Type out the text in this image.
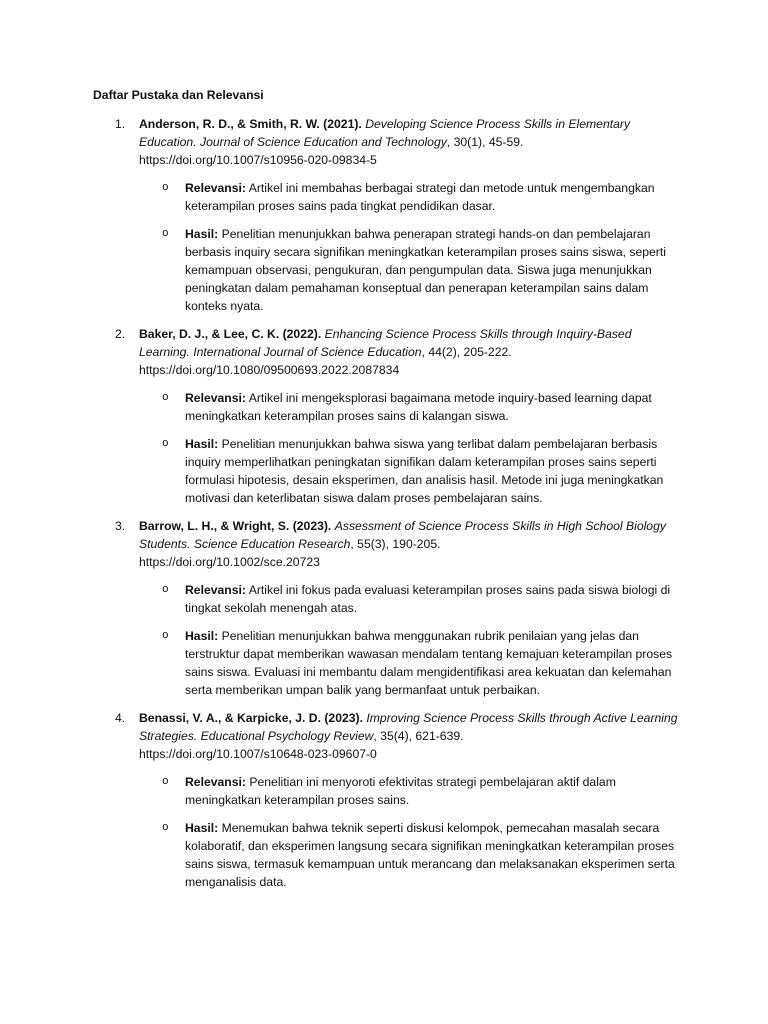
Daftar Pustaka dan Relevansi
1. Anderson, R. D., & Smith, R. W. (2021). Developing Science Process Skills in Elementary Education. Journal of Science Education and Technology, 30(1), 45-59.
https://doi.org/10.1007/s10956-020-09834-5
o Relevansi: Artikel ini membahas berbagai strategi dan metode untuk mengembangkan keterampilan proses sains pada tingkat pendidikan dasar.
o Hasil: Penelitian menunjukkan bahwa penerapan strategi hands-on dan pembelajaran berbasis inquiry secara signifikan meningkatkan keterampilan proses sains siswa, seperti kemampuan observasi, pengukuran, dan pengumpulan data. Siswa juga menunjukkan peningkatan dalam pemahaman konseptual dan penerapan keterampilan sains dalam konteks nyata.
2. Baker, D. J., & Lee, C. K. (2022). Enhancing Science Process Skills through Inquiry-Based Learning. International Journal of Science Education, 44(2), 205-222.
https://doi.org/10.1080/09500693.2022.2087834
o Relevansi: Artikel ini mengeksplorasi bagaimana metode inquiry-based learning dapat meningkatkan keterampilan proses sains di kalangan siswa.
o Hasil: Penelitian menunjukkan bahwa siswa yang terlibat dalam pembelajaran berbasis inquiry memperlihatkan peningkatan signifikan dalam keterampilan proses sains seperti formulasi hipotesis, desain eksperimen, dan analisis hasil. Metode ini juga meningkatkan motivasi dan keterlibatan siswa dalam proses pembelajaran sains.
3. Barrow, L. H., & Wright, S. (2023). Assessment of Science Process Skills in High School Biology Students. Science Education Research, 55(3), 190-205.
https://doi.org/10.1002/sce.20723
o Relevansi: Artikel ini fokus pada evaluasi keterampilan proses sains pada siswa biologi di tingkat sekolah menengah atas.
o Hasil: Penelitian menunjukkan bahwa menggunakan rubrik penilaian yang jelas dan terstruktur dapat memberikan wawasan mendalam tentang kemajuan keterampilan proses sains siswa. Evaluasi ini membantu dalam mengidentifikasi area kekuatan dan kelemahan serta memberikan umpan balik yang bermanfaat untuk perbaikan.
4. Benassi, V. A., & Karpicke, J. D. (2023). Improving Science Process Skills through Active Learning Strategies. Educational Psychology Review, 35(4), 621-639.
https://doi.org/10.1007/s10648-023-09607-0
o Relevansi: Penelitian ini menyoroti efektivitas strategi pembelajaran aktif dalam meningkatkan keterampilan proses sains.
o Hasil: Menemukan bahwa teknik seperti diskusi kelompok, pemecahan masalah secara kolaboratif, dan eksperimen langsung secara signifikan meningkatkan keterampilan proses sains siswa, termasuk kemampuan untuk merancang dan melaksanakan eksperimen serta menganalisis data.
